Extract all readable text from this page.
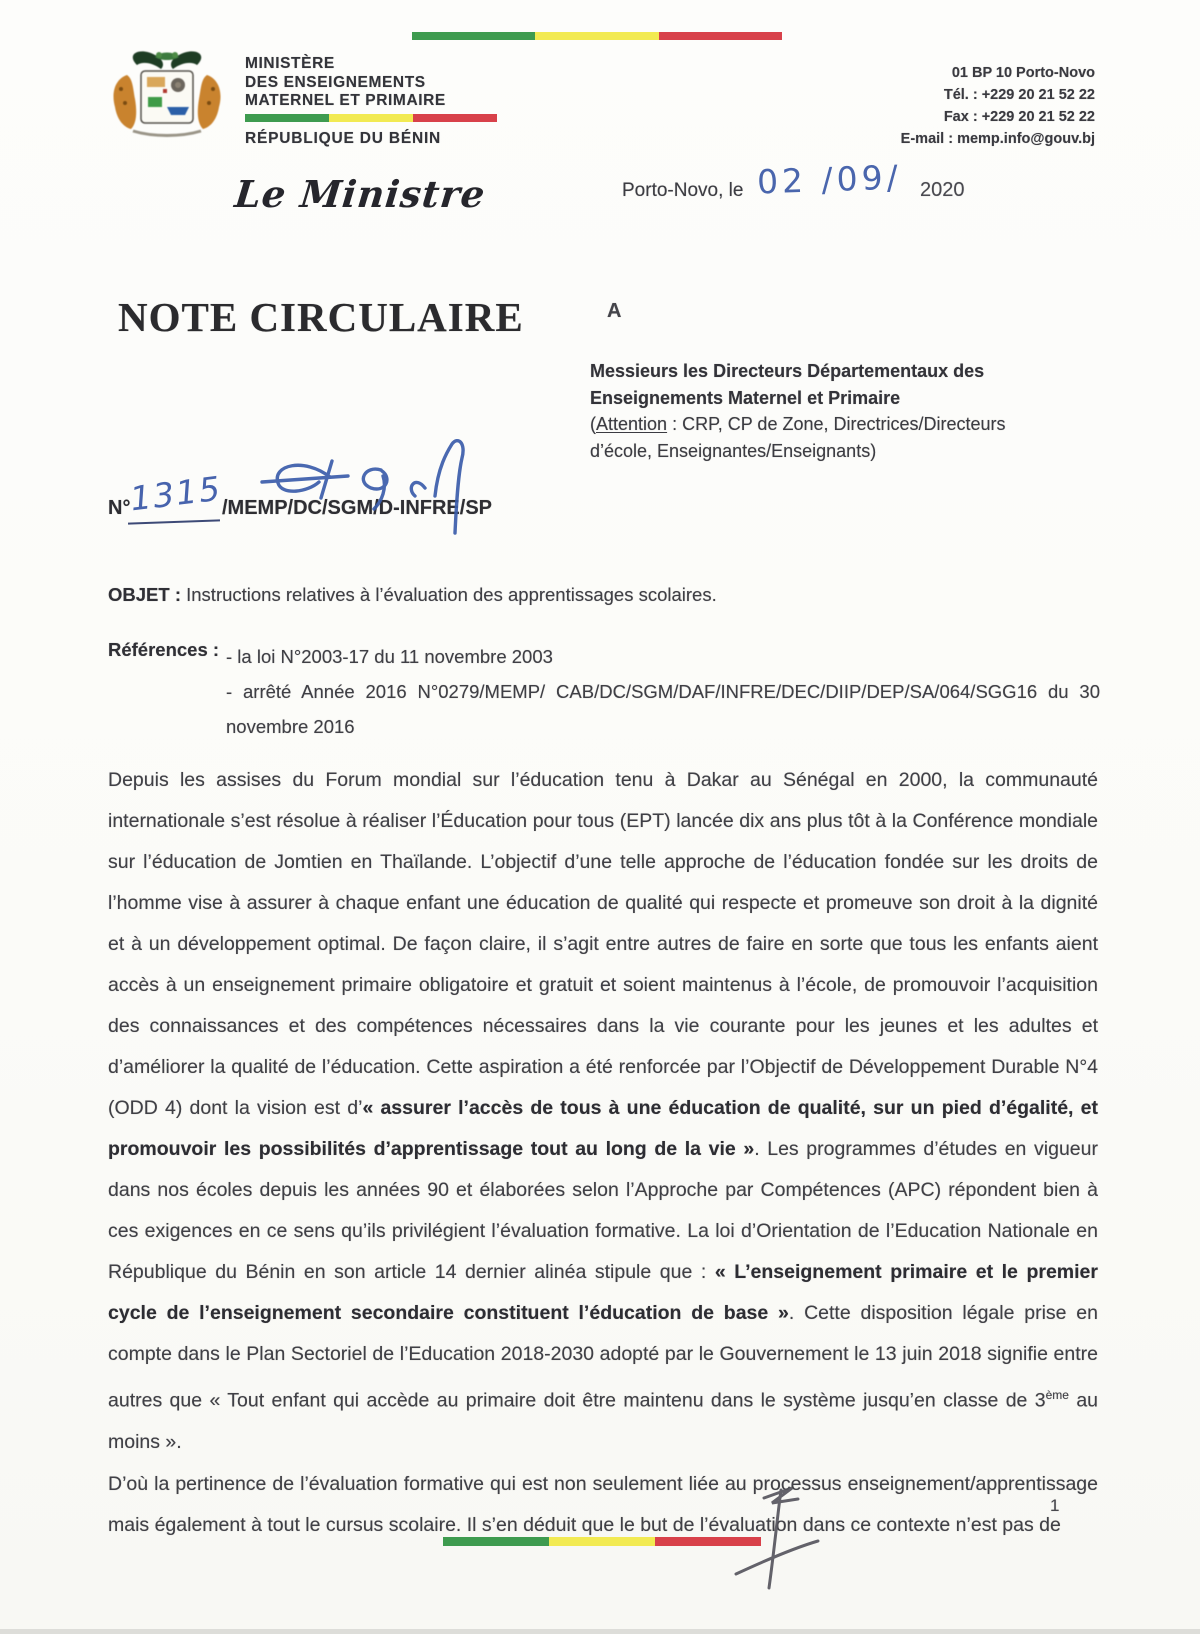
MINISTÈRE
DES ENSEIGNEMENTS
MATERNEL ET PRIMAIRE
RÉPUBLIQUE DU BÉNIN
01 BP 10 Porto-Novo
Tél. : +229 20 21 52 22
Fax : +229 20 21 52 22
E-mail : memp.info@gouv.bj
Le Ministre	Porto-Novo, le 02 /09/ 2020
NOTE CIRCULAIRE	A
Messieurs les Directeurs Départementaux des
Enseignements Maternel et Primaire
(Attention : CRP, CP de Zone, Directrices/Directeurs d’école, Enseignantes/Enseignants)
N°
1315
/MEMP/DC/SGM/D-INFRE/SP
OBJET : Instructions relatives à l’évaluation des apprentissages scolaires.
Références : - la loi N°2003-17 du 11 novembre 2003
- arrêté Année 2016 N°0279/MEMP/ CAB/DC/SGM/DAF/INFRE/DEC/DIIP/DEP/SA/064/SGG16 du 30 novembre 2016

Depuis les assises du Forum mondial sur l’éducation tenu à Dakar au Sénégal en 2000, la communauté internationale s’est résolue à réaliser l’Éducation pour tous (EPT) lancée dix ans plus tôt à la Conférence mondiale sur l’éducation de Jomtien en Thaïlande. L’objectif d’une telle approche de l’éducation fondée sur les droits de l’homme vise à assurer à chaque enfant une éducation de qualité qui respecte et promeuve son droit à la dignité et à un développement optimal. De façon claire, il s’agit entre autres de faire en sorte que tous les enfants aient accès à un enseignement primaire obligatoire et gratuit et soient maintenus à l’école, de promouvoir l’acquisition des connaissances et des compétences nécessaires dans la vie courante pour les jeunes et les adultes et d’améliorer la qualité de l’éducation. Cette aspiration a été renforcée par l’Objectif de Développement Durable N°4 (ODD 4) dont la vision est d’« assurer l’accès de tous à une éducation de qualité, sur un pied d’égalité, et promouvoir les possibilités d’apprentissage tout au long de la vie ». Les programmes d’études en vigueur dans nos écoles depuis les années 90 et élaborées selon l’Approche par Compétences (APC) répondent bien à ces exigences en ce sens qu’ils privilégient l’évaluation formative. La loi d’Orientation de l’Education Nationale en République du Bénin en son article 14 dernier alinéa stipule que : « L’enseignement primaire et le premier cycle de l’enseignement secondaire constituent l’éducation de base ». Cette disposition légale prise en compte dans le Plan Sectoriel de l’Education 2018-2030 adopté par le Gouvernement le 13 juin 2018 signifie entre autres que « Tout enfant qui accède au primaire doit être maintenu dans le système jusqu’en classe de 3ème au moins ».

D’où la pertinence de l’évaluation formative qui est non seulement liée au processus enseignement/apprentissage mais également à tout le cursus scolaire. Il s’en déduit que le but de l’évaluation dans ce contexte n’est pas de

1
